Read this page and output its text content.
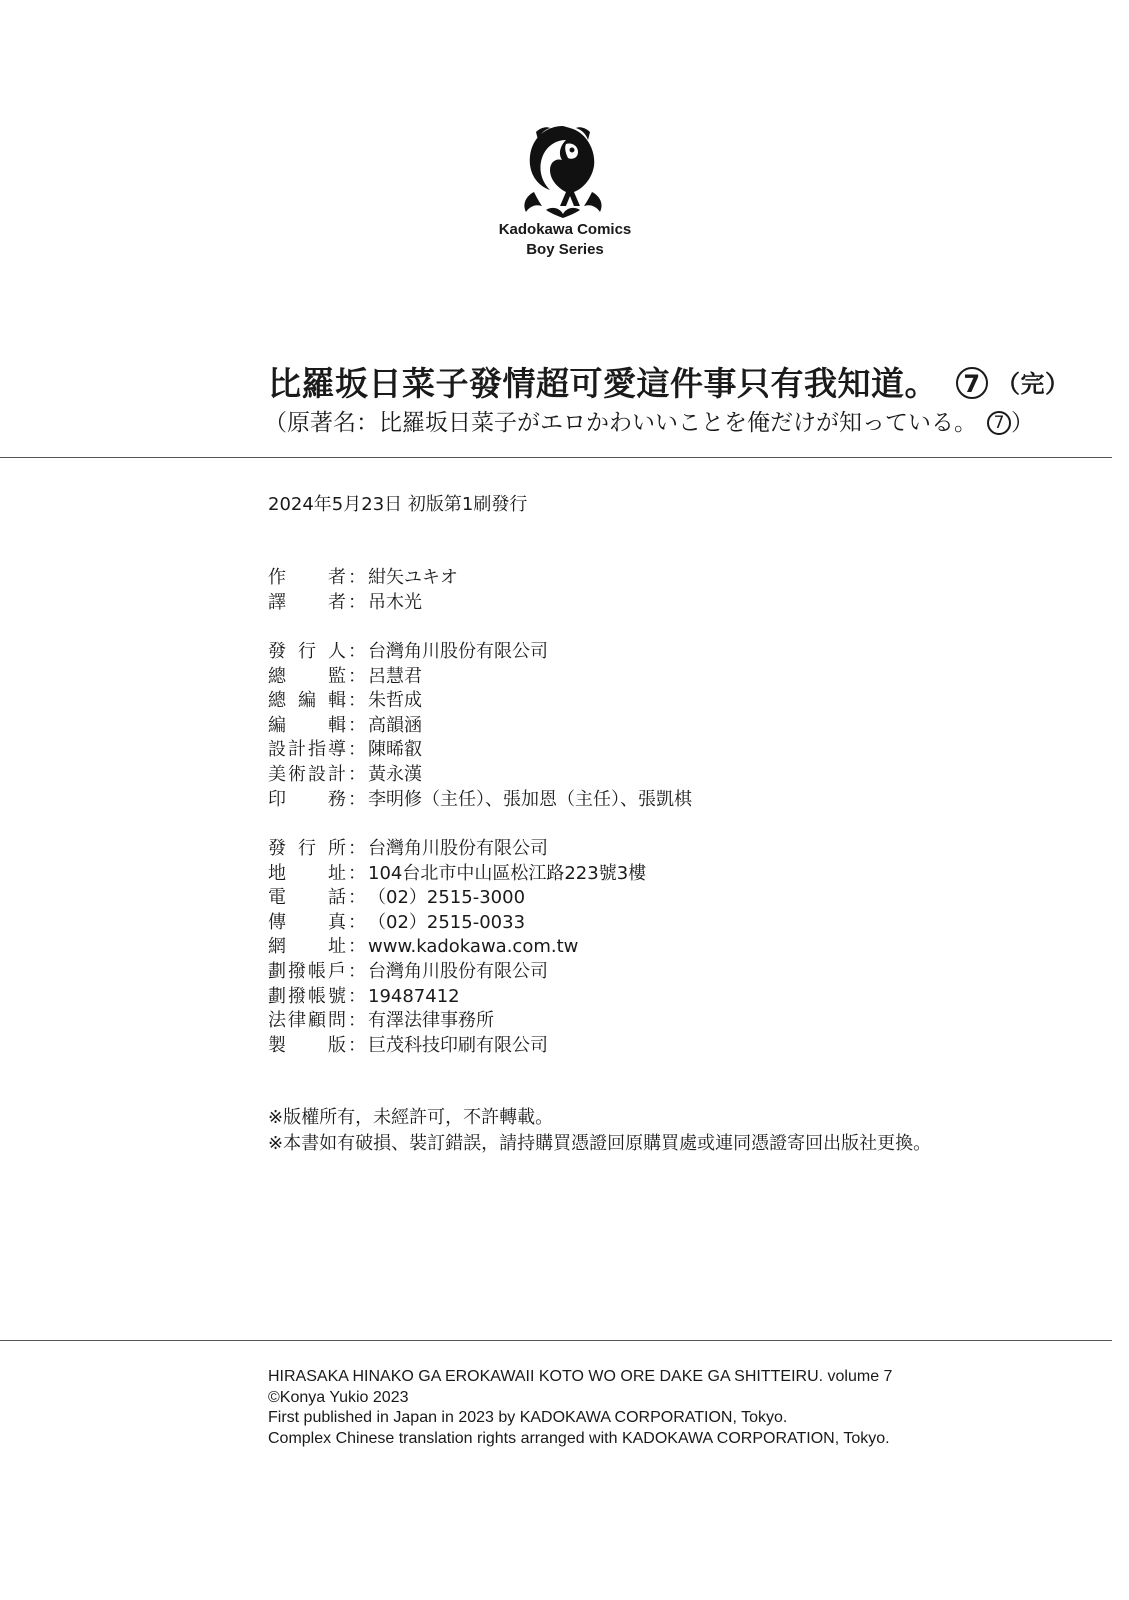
Kadokawa Comics
Boy Series
比羅坂日菜子發情超可愛這件事只有我知道。 7 （完）
（原著名：比羅坂日菜子がエロかわいいことを俺だけが知っている。 7 ）
2024年5月23日 初版第1刷發行
作者 ： 紺矢ユキオ
譯者 ： 吊木光
發行人 ： 台灣角川股份有限公司
總監 ： 呂慧君
總編輯 ： 朱哲成
編輯 ： 高韻涵
設計指導 ： 陳晞叡
美術設計 ： 黃永漢
印務 ： 李明修（主任）、張加恩（主任）、張凱棋
發行所 ： 台灣角川股份有限公司
地址 ： 104台北市中山區松江路223號3樓
電話 ： （02）2515-3000
傳真 ： （02）2515-0033
網址 ： www.kadokawa.com.tw
劃撥帳戶 ： 台灣角川股份有限公司
劃撥帳號 ： 19487412
法律顧問 ： 有澤法律事務所
製版 ： 巨茂科技印刷有限公司
※版權所有，未經許可，不許轉載。
※本書如有破損、裝訂錯誤，請持購買憑證回原購買處或連同憑證寄回出版社更換。
HIRASAKA HINAKO GA EROKAWAII KOTO WO ORE DAKE GA SHITTEIRU. volume 7
©Konya Yukio 2023
First published in Japan in 2023 by KADOKAWA CORPORATION, Tokyo.
Complex Chinese translation rights arranged with KADOKAWA CORPORATION, Tokyo.
